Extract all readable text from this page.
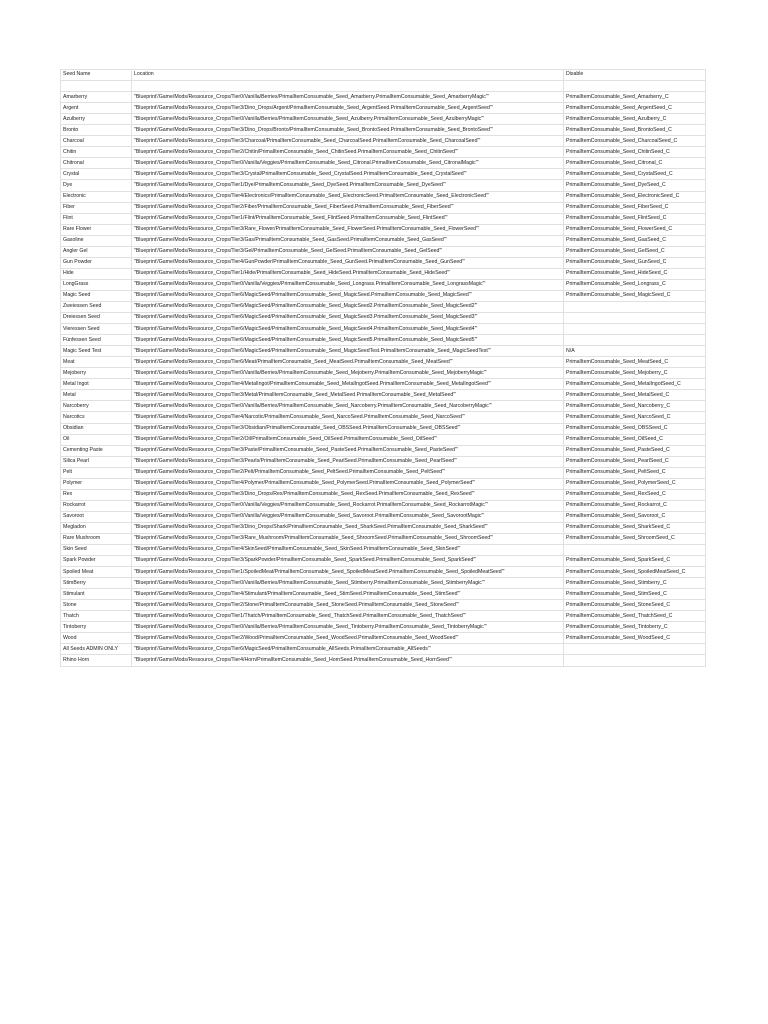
Seed Name	Location	Disable

Amarberry	"Blueprint'/Game/Mods/Ressource_Crops/Tier0/Vanilla/Berries/PrimalItemConsumable_Seed_Amarberry.PrimalItemConsumable_Seed_AmarberryMagic'"	PrimalItemConsumable_Seed_Amarberry_C
Argent	"Blueprint'/Game/Mods/Ressource_Crops/Tier3/Dino_Drops/Argent/PrimalItemConsumable_Seed_ArgentSeed.PrimalItemConsumable_Seed_ArgentSeed'"	PrimalItemConsumable_Seed_ArgentSeed_C
Azulberry	"Blueprint'/Game/Mods/Ressource_Crops/Tier0/Vanilla/Berries/PrimalItemConsumable_Seed_Azulberry.PrimalItemConsumable_Seed_AzulberryMagic'"	PrimalItemConsumable_Seed_Azulberry_C
Bronto	"Blueprint'/Game/Mods/Ressource_Crops/Tier3/Dino_Drops/Bronto/PrimalItemConsumable_Seed_BrontoSeed.PrimalItemConsumable_Seed_BrontoSeed'"	PrimalItemConsumable_Seed_BrontoSeed_C
Charcoal	"Blueprint'/Game/Mods/Ressource_Crops/Tier3/Charcoal/PrimalItemConsumable_Seed_CharcoalSeed.PrimalItemConsumable_Seed_CharcoalSeed'"	PrimalItemConsumable_Seed_CharcoalSeed_C
Chitin	"Blueprint'/Game/Mods/Ressource_Crops/Tier2/Chitin/PrimalItemConsumable_Seed_ChitinSeed.PrimalItemConsumable_Seed_ChitinSeed'"	PrimalItemConsumable_Seed_ChitinSeed_C
Chitronal	"Blueprint'/Game/Mods/Ressource_Crops/Tier0/Vanilla/Veggies/PrimalItemConsumable_Seed_Citronal.PrimalItemConsumable_Seed_CitronalMagic'"	PrimalItemConsumable_Seed_Citronal_C
Crystal	"Blueprint'/Game/Mods/Ressource_Crops/Tier3/Crystal/PrimalItemConsumable_Seed_CrystalSeed.PrimalItemConsumable_Seed_CrystalSeed'"	PrimalItemConsumable_Seed_CrystalSeed_C
Dye	"Blueprint'/Game/Mods/Ressource_Crops/Tier1/Dye/PrimalItemConsumable_Seed_DyeSeed.PrimalItemConsumable_Seed_DyeSeed'"	PrimalItemConsumable_Seed_DyeSeed_C
Electronic	"Blueprint'/Game/Mods/Ressource_Crops/Tier4/Electronics/PrimalItemConsumable_Seed_ElectronicSeed.PrimalItemConsumable_Seed_ElectronicSeed'"	PrimalItemConsumable_Seed_ElectronicSeed_C
Fiber	"Blueprint'/Game/Mods/Ressource_Crops/Tier2/Fiber/PrimalItemConsumable_Seed_FiberSeed.PrimalItemConsumable_Seed_FiberSeed'"	PrimalItemConsumable_Seed_FiberSeed_C
Flint	"Blueprint'/Game/Mods/Ressource_Crops/Tier1/Flint/PrimalItemConsumable_Seed_FlintSeed.PrimalItemConsumable_Seed_FlintSeed'"	PrimalItemConsumable_Seed_FlintSeed_C
Rare Flower	"Blueprint'/Game/Mods/Ressource_Crops/Tier3/Rare_Flower/PrimalItemConsumable_Seed_FlowerSeed.PrimalItemConsumable_Seed_FlowerSeed'"	PrimalItemConsumable_Seed_FlowerSeed_C
Gasoline	"Blueprint'/Game/Mods/Ressource_Crops/Tier3/Gas/PrimalItemConsumable_Seed_GasSeed.PrimalItemConsumable_Seed_GasSeed'"	PrimalItemConsumable_Seed_GasSeed_C
Angler Gel	"Blueprint'/Game/Mods/Ressource_Crops/Tier3/Gel/PrimalItemConsumable_Seed_GelSeed.PrimalItemConsumable_Seed_GelSeed'"	PrimalItemConsumable_Seed_GelSeed_C
Gun Powder	"Blueprint'/Game/Mods/Ressource_Crops/Tier4/GunPowder/PrimalItemConsumable_Seed_GunSeed.PrimalItemConsumable_Seed_GunSeed'"	PrimalItemConsumable_Seed_GunSeed_C
Hide	"Blueprint'/Game/Mods/Ressource_Crops/Tier1/Hide/PrimalItemConsumable_Seed_HideSeed.PrimalItemConsumable_Seed_HideSeed'"	PrimalItemConsumable_Seed_HideSeed_C
LongGrass	"Blueprint'/Game/Mods/Ressource_Crops/Tier0/Vanilla/Veggies/PrimalItemConsumable_Seed_Longrass.PrimalItemConsumable_Seed_LongrassMagic'"	PrimalItemConsumable_Seed_Longrass_C
Magic Seed	"Blueprint'/Game/Mods/Ressource_Crops/Tier6/MagicSeed/PrimalItemConsumable_Seed_MagicSeed.PrimalItemConsumable_Seed_MagicSeed'"	PrimalItemConsumable_Seed_MagicSeed_C
Zweiessen Seed	"Blueprint'/Game/Mods/Ressource_Crops/Tier6/MagicSeed/PrimalItemConsumable_Seed_MagicSeed2.PrimalItemConsumable_Seed_MagicSeed2'"	
Dreiessen Seed	"Blueprint'/Game/Mods/Ressource_Crops/Tier6/MagicSeed/PrimalItemConsumable_Seed_MagicSeed3.PrimalItemConsumable_Seed_MagicSeed3'"	
Vieressen Seed	"Blueprint'/Game/Mods/Ressource_Crops/Tier6/MagicSeed/PrimalItemConsumable_Seed_MagicSeed4.PrimalItemConsumable_Seed_MagicSeed4'"	
Fünfessen Seed	"Blueprint'/Game/Mods/Ressource_Crops/Tier6/MagicSeed/PrimalItemConsumable_Seed_MagicSeed5.PrimalItemConsumable_Seed_MagicSeed5'"	
Magic Seed Test	"Blueprint'/Game/Mods/Ressource_Crops/Tier6/MagicSeed/PrimalItemConsumable_Seed_MagicSeedTest.PrimalItemConsumable_Seed_MagicSeedTest'"	N/A
Meat	"Blueprint'/Game/Mods/Ressource_Crops/Tier6/Meat/PrimalItemConsumable_Seed_MeatSeed.PrimalItemConsumable_Seed_MeatSeed'"	PrimalItemConsumable_Seed_MeatSeed_C
Mejoberry	"Blueprint'/Game/Mods/Ressource_Crops/Tier0/Vanilla/Berries/PrimalItemConsumable_Seed_Mejoberry.PrimalItemConsumable_Seed_MejoberryMagic'"	PrimalItemConsumable_Seed_Mejoberry_C
Metal Ingot	"Blueprint'/Game/Mods/Ressource_Crops/Tier4/MetalIngot/PrimalItemConsumable_Seed_MetalIngotSeed.PrimalItemConsumable_Seed_MetalIngotSeed'"	PrimalItemConsumable_Seed_MetalIngotSeed_C
Metal	"Blueprint'/Game/Mods/Ressource_Crops/Tier3/Metal/PrimalItemConsumable_Seed_MetalSeed.PrimalItemConsumable_Seed_MetalSeed'"	PrimalItemConsumable_Seed_MetalSeed_C
Narcoberry	"Blueprint'/Game/Mods/Ressource_Crops/Tier0/Vanilla/Berries/PrimalItemConsumable_Seed_Narcoberry.PrimalItemConsumable_Seed_NarcoberryMagic'"	PrimalItemConsumable_Seed_Narcoberry_C
Narcotics	"Blueprint'/Game/Mods/Ressource_Crops/Tier4/Narcotic/PrimalItemConsumable_Seed_NarcoSeed.PrimalItemConsumable_Seed_NarcoSeed'"	PrimalItemConsumable_Seed_NarcoSeed_C
Obsidian	"Blueprint'/Game/Mods/Ressource_Crops/Tier3/Obsidian/PrimalItemConsumable_Seed_OBSSeed.PrimalItemConsumable_Seed_OBSSeed'"	PrimalItemConsumable_Seed_OBSSeed_C
Oil	"Blueprint'/Game/Mods/Ressource_Crops/Tier2/Oil/PrimalItemConsumable_Seed_OilSeed.PrimalItemConsumable_Seed_OilSeed'"	PrimalItemConsumable_Seed_OilSeed_C
Cementing Paste	"Blueprint'/Game/Mods/Ressource_Crops/Tier3/Paste/PrimalItemConsumable_Seed_PasteSeed.PrimalItemConsumable_Seed_PasteSeed'"	PrimalItemConsumable_Seed_PasteSeed_C
Silica Pearl	"Blueprint'/Game/Mods/Ressource_Crops/Tier3/Pearls/PrimalItemConsumable_Seed_PearlSeed.PrimalItemConsumable_Seed_PearlSeed'"	PrimalItemConsumable_Seed_PearlSeed_C
Pelt	"Blueprint'/Game/Mods/Ressource_Crops/Tier2/Pelt/PrimalItemConsumable_Seed_PeltSeed.PrimalItemConsumable_Seed_PeltSeed'"	PrimalItemConsumable_Seed_PeltSeed_C
Polymer	"Blueprint'/Game/Mods/Ressource_Crops/Tier4/Polymer/PrimalItemConsumable_Seed_PolymerSeed.PrimalItemConsumable_Seed_PolymerSeed'"	PrimalItemConsumable_Seed_PolymerSeed_C
Rex	"Blueprint'/Game/Mods/Ressource_Crops/Tier3/Dino_Drops/Rex/PrimalItemConsumable_Seed_RexSeed.PrimalItemConsumable_Seed_RexSeed'"	PrimalItemConsumable_Seed_RexSeed_C
Rockarrot	"Blueprint'/Game/Mods/Ressource_Crops/Tier0/Vanilla/Veggies/PrimalItemConsumable_Seed_Rockarrot.PrimalItemConsumable_Seed_RockarrotMagic'"	PrimalItemConsumable_Seed_Rockarrot_C
Savoroot	"Blueprint'/Game/Mods/Ressource_Crops/Tier0/Vanilla/Veggies/PrimalItemConsumable_Seed_Savoroot.PrimalItemConsumable_Seed_SavorootMagic'"	PrimalItemConsumable_Seed_Savoroot_C
Megladon	"Blueprint'/Game/Mods/Ressource_Crops/Tier3/Dino_Drops/Shark/PrimalItemConsumable_Seed_SharkSeed.PrimalItemConsumable_Seed_SharkSeed'"	PrimalItemConsumable_Seed_SharkSeed_C
Rare Mushroom	"Blueprint'/Game/Mods/Ressource_Crops/Tier3/Rare_Mushroom/PrimalItemConsumable_Seed_ShroomSeed.PrimalItemConsumable_Seed_ShroomSeed'"	PrimalItemConsumable_Seed_ShroomSeed_C
Skin Seed	"Blueprint'/Game/Mods/Ressource_Crops/Tier4/SkinSeed/PrimalItemConsumable_Seed_SkinSeed.PrimalItemConsumable_Seed_SkinSeed'"	
Spark Powder	"Blueprint'/Game/Mods/Ressource_Crops/Tier3/SparkPowder/PrimalItemConsumable_Seed_SparkSeed.PrimalItemConsumable_Seed_SparkSeed'"	PrimalItemConsumable_Seed_SparkSeed_C
Spoiled Meat	"Blueprint'/Game/Mods/Ressource_Crops/Tier1/SpoiledMeat/PrimalItemConsumable_Seed_SpoiledMeatSeed.PrimalItemConsumable_Seed_SpoiledMeatSeed'"	PrimalItemConsumable_Seed_SpoiledMeatSeed_C
StimBerry	"Blueprint'/Game/Mods/Ressource_Crops/Tier0/Vanilla/Berries/PrimalItemConsumable_Seed_Stimberry.PrimalItemConsumable_Seed_StimberryMagic'"	PrimalItemConsumable_Seed_Stimberry_C
Stimulant	"Blueprint'/Game/Mods/Ressource_Crops/Tier4/Stimulant/PrimalItemConsumable_Seed_StimSeed.PrimalItemConsumable_Seed_StimSeed'"	PrimalItemConsumable_Seed_StimSeed_C
Stone	"Blueprint'/Game/Mods/Ressource_Crops/Tier2/Stone/PrimalItemConsumable_Seed_StoneSeed.PrimalItemConsumable_Seed_StoneSeed'"	PrimalItemConsumable_Seed_StoneSeed_C
Thatch	"Blueprint'/Game/Mods/Ressource_Crops/Tier1/Thatch/PrimalItemConsumable_Seed_ThatchSeed.PrimalItemConsumable_Seed_ThatchSeed'"	PrimalItemConsumable_Seed_ThatchSeed_C
Tintoberry	"Blueprint'/Game/Mods/Ressource_Crops/Tier0/Vanilla/Berries/PrimalItemConsumable_Seed_Tintoberry.PrimalItemConsumable_Seed_TintoberryMagic'"	PrimalItemConsumable_Seed_Tintoberry_C
Wood	"Blueprint'/Game/Mods/Ressource_Crops/Tier2/Wood/PrimalItemConsumable_Seed_WoodSeed.PrimalItemConsumable_Seed_WoodSeed'"	PrimalItemConsumable_Seed_WoodSeed_C
All Seeds ADMIN ONLY	"Blueprint'/Game/Mods/Ressource_Crops/Tier6/MagicSeed/PrimalItemConsumable_AllSeeds.PrimalItemConsumable_AllSeeds'"	
Rhino Horn	"Blueprint'/Game/Mods/Ressource_Crops/Tier4/Horn/PrimalItemConsumable_Seed_HornSeed.PrimalItemConsumable_Seed_HornSeed'"	
